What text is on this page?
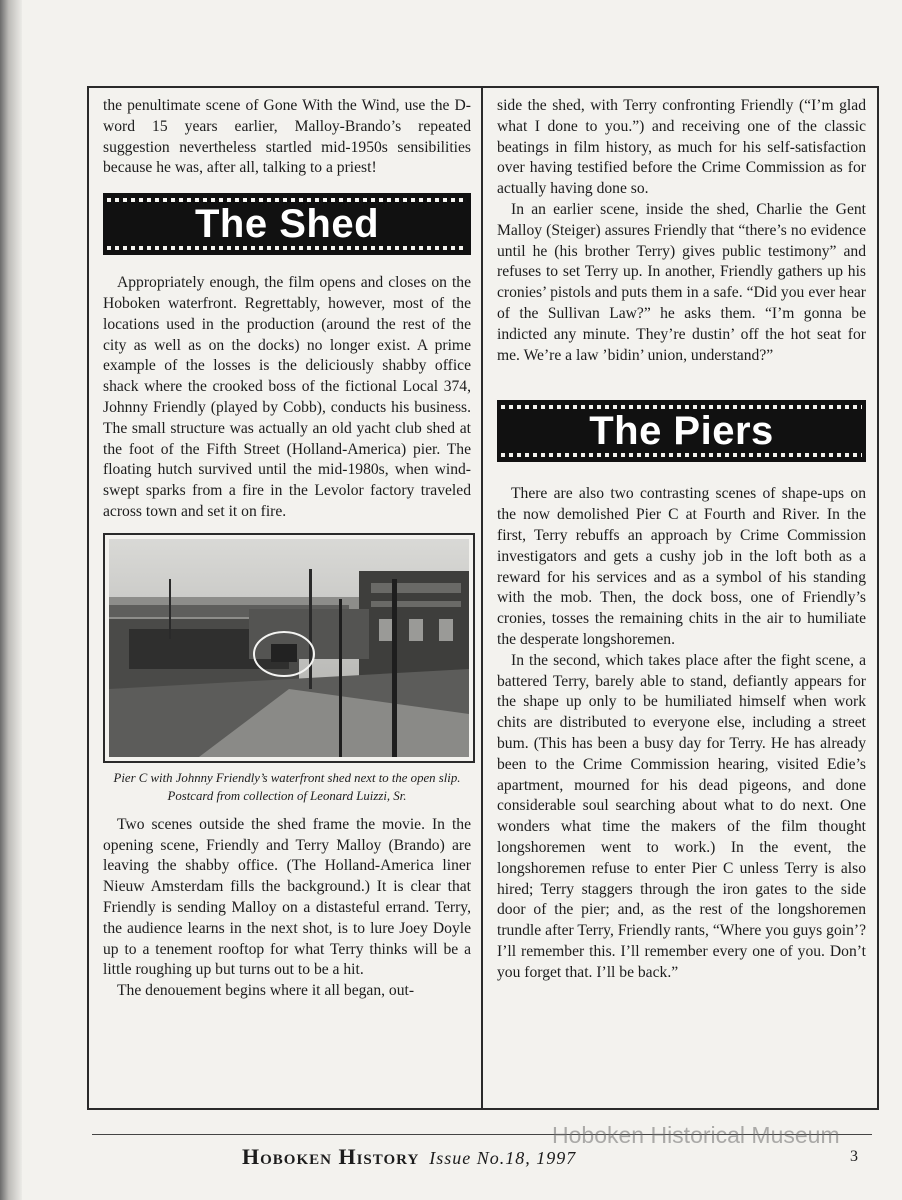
the penultimate scene of Gone With the Wind, use the D-word 15 years earlier, Malloy-Brando’s repeated suggestion nevertheless startled mid-1950s sensibilities because he was, after all, talking to a priest!

The Shed

Appropriately enough, the film opens and closes on the Hoboken waterfront. Regrettably, however, most of the locations used in the production (around the rest of the city as well as on the docks) no longer exist. A prime example of the losses is the deliciously shabby office shack where the crooked boss of the fictional Local 374, Johnny Friendly (played by Cobb), conducts his business. The small structure was actually an old yacht club shed at the foot of the Fifth Street (Holland-America) pier. The floating hutch survived until the mid-1980s, when wind-swept sparks from a fire in the Levolor factory traveled across town and set it on fire.

Pier C with Johnny Friendly’s waterfront shed next to the open slip. Postcard from collection of Leonard Luizzi, Sr.

Two scenes outside the shed frame the movie. In the opening scene, Friendly and Terry Malloy (Brando) are leaving the shabby office. (The Holland-America liner Nieuw Amsterdam fills the background.) It is clear that Friendly is sending Malloy on a distasteful errand. Terry, the audience learns in the next shot, is to lure Joey Doyle up to a tenement rooftop for what Terry thinks will be a little roughing up but turns out to be a hit.

The denouement begins where it all began, out-

side the shed, with Terry confronting Friendly (“I’m glad what I done to you.”) and receiving one of the classic beatings in film history, as much for his self-satisfaction over having testified before the Crime Commission as for actually having done so.

In an earlier scene, inside the shed, Charlie the Gent Malloy (Steiger) assures Friendly that “there’s no evidence until he (his brother Terry) gives public testimony” and refuses to set Terry up. In another, Friendly gathers up his cronies’ pistols and puts them in a safe. “Did you ever hear of the Sullivan Law?” he asks them. “I’m gonna be indicted any minute. They’re dustin’ off the hot seat for me. We’re a law ’bidin’ union, understand?”

The Piers

There are also two contrasting scenes of shape-ups on the now demolished Pier C at Fourth and River. In the first, Terry rebuffs an approach by Crime Commission investigators and gets a cushy job in the loft both as a reward for his services and as a symbol of his standing with the mob. Then, the dock boss, one of Friendly’s cronies, tosses the remaining chits in the air to humiliate the desperate longshoremen.

In the second, which takes place after the fight scene, a battered Terry, barely able to stand, defiantly appears for the shape up only to be humiliated himself when work chits are distributed to everyone else, including a street bum. (This has been a busy day for Terry. He has already been to the Crime Commission hearing, visited Edie’s apartment, mourned for his dead pigeons, and done considerable soul searching about what to do next. One wonders what time the makers of the film thought longshoremen went to work.) In the event, the longshoremen refuse to enter Pier C unless Terry is also hired; Terry staggers through the iron gates to the side door of the pier; and, as the rest of the longshoremen trundle after Terry, Friendly rants, “Where you guys goin’? I’ll remember this. I’ll remember every one of you. Don’t you forget that. I’ll be back.”

Hoboken Historical Museum
Hoboken History Issue No.18, 1997	3
